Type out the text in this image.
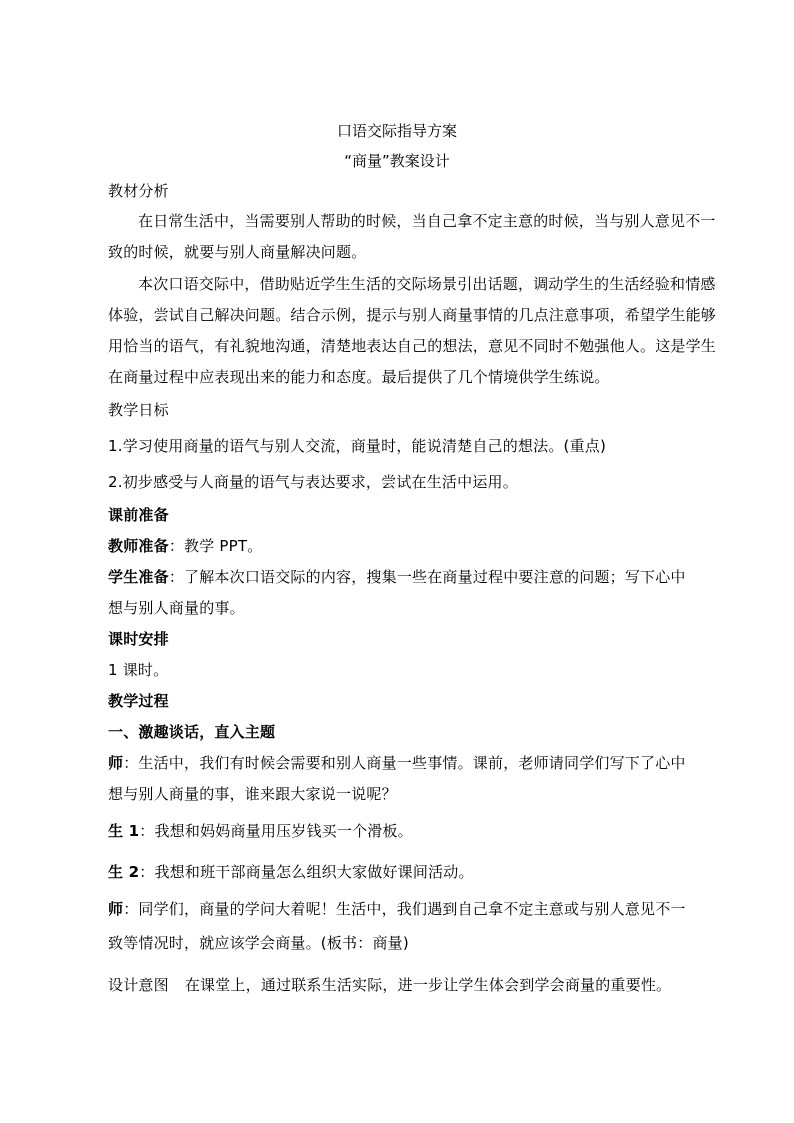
口语交际指导方案
“商量”教案设计
教材分析
在日常生活中，当需要别人帮助的时候，当自己拿不定主意的时候，当与别人意见不一
致的时候，就要与别人商量解决问题。
本次口语交际中，借助贴近学生生活的交际场景引出话题，调动学生的生活经验和情感
体验，尝试自己解决问题。结合示例，提示与别人商量事情的几点注意事项，希望学生能够
用恰当的语气，有礼貌地沟通，清楚地表达自己的想法，意见不同时不勉强他人。这是学生
在商量过程中应表现出来的能力和态度。最后提供了几个情境供学生练说。
教学日标
1.学习使用商量的语气与别人交流，商量时，能说清楚自己的想法。(重点)
2.初步感受与人商量的语气与表达要求，尝试在生活中运用。
课前准备
教师准备：教学 PPT。
学生准备：了解本次口语交际的内容，搜集一些在商量过程中要注意的问题；写下心中
想与别人商量的事。
课时安排
1 课时。
教学过程
一、激趣谈话，直入主题
师：生活中，我们有时候会需要和别人商量一些事情。课前，老师请同学们写下了心中
想与别人商量的事，谁来跟大家说一说呢？
生 1：我想和妈妈商量用压岁钱买一个滑板。
生 2：我想和班干部商量怎么组织大家做好课间活动。
师：同学们，商量的学问大着呢！生活中，我们遇到自己拿不定主意或与别人意见不一
致等情况时，就应该学会商量。(板书：商量)
设计意图 在课堂上，通过联系生活实际，进一步让学生体会到学会商量的重要性。
